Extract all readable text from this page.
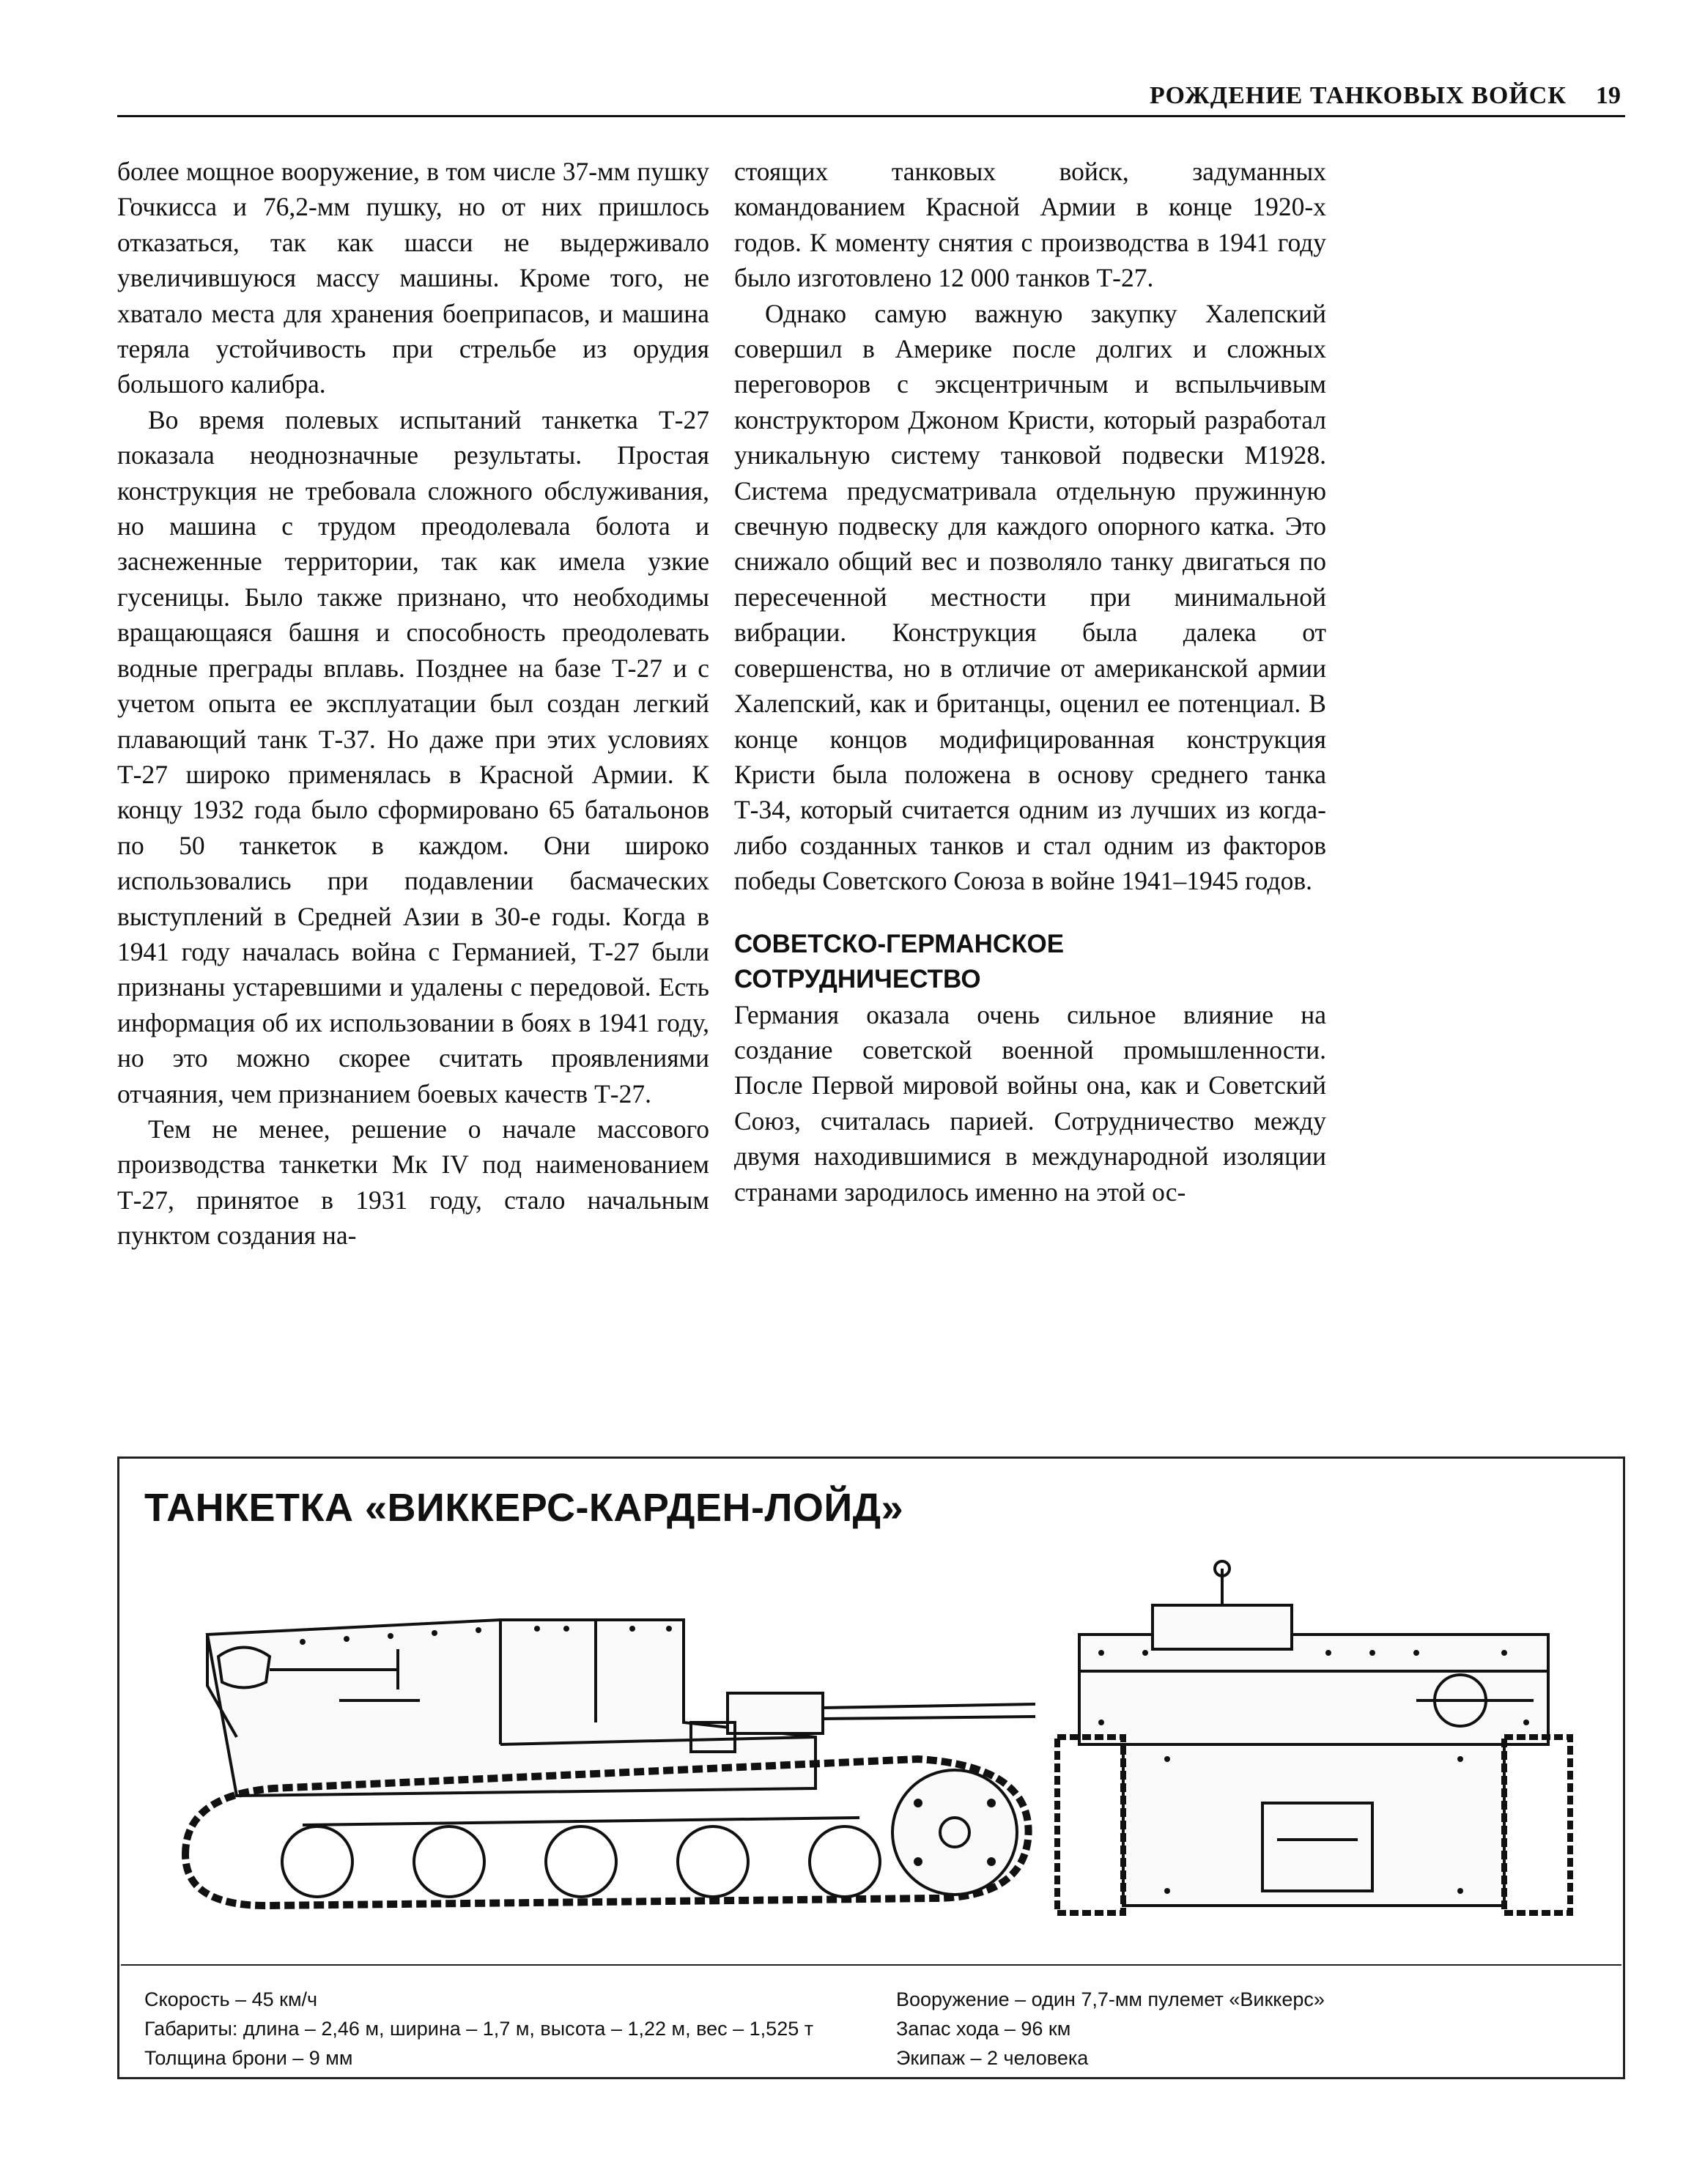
РОЖДЕНИЕ ТАНКОВЫХ ВОЙСК 19

более мощное вооружение, в том числе 37-мм пушку Гочкисса и 76,2-мм пушку, но от них пришлось отказаться, так как шасси не выдерживало увеличившуюся массу машины. Кроме того, не хватало места для хранения боеприпасов, и машина теряла устойчивость при стрельбе из орудия большого калибра.

Во время полевых испытаний танкетка Т-27 показала неоднозначные результаты. Простая конструкция не требовала сложного обслуживания, но машина с трудом преодолевала болота и заснеженные территории, так как имела узкие гусеницы. Было также признано, что необходимы вращающаяся башня и способность преодолевать водные преграды вплавь. Позднее на базе Т-27 и с учетом опыта ее эксплуатации был создан легкий плавающий танк Т-37. Но даже при этих условиях Т-27 широко применялась в Красной Армии. К концу 1932 года было сформировано 65 батальонов по 50 танкеток в каждом. Они широко использовались при подавлении басмаческих выступлений в Средней Азии в 30-е годы. Когда в 1941 году началась война с Германией, Т-27 были признаны устаревшими и удалены с передовой. Есть информация об их использовании в боях в 1941 году, но это можно скорее считать проявлениями отчаяния, чем признанием боевых качеств Т-27.

Тем не менее, решение о начале массового производства танкетки Мк IV под наименованием Т-27, принятое в 1931 году, стало начальным пунктом создания на-

стоящих танковых войск, задуманных командованием Красной Армии в конце 1920-х годов. К моменту снятия с производства в 1941 году было изготовлено 12 000 танков Т-27.

Однако самую важную закупку Халепский совершил в Америке после долгих и сложных переговоров с эксцентричным и вспыльчивым конструктором Джоном Кристи, который разработал уникальную систему танковой подвески М1928. Система предусматривала отдельную пружинную свечную подвеску для каждого опорного катка. Это снижало общий вес и позволяло танку двигаться по пересеченной местности при минимальной вибрации. Конструкция была далека от совершенства, но в отличие от американской армии Халепский, как и британцы, оценил ее потенциал. В конце концов модифицированная конструкция Кристи была положена в основу среднего танка Т-34, который считается одним из лучших из когда-либо созданных танков и стал одним из факторов победы Советского Союза в войне 1941–1945 годов.

СОВЕТСКО-ГЕРМАНСКОЕ
СОТРУДНИЧЕСТВО

Германия оказала очень сильное влияние на создание советской военной промышленности. После Первой мировой войны она, как и Советский Союз, считалась парией. Сотрудничество между двумя находившимися в международной изоляции странами зародилось именно на этой ос-

ТАНКЕТКА «ВИККЕРС-КАРДЕН-ЛОЙД»
Скорость – 45 км/ч
Габариты: длина – 2,46 м, ширина – 1,7 м, высота – 1,22 м, вес – 1,525 т
Толщина брони – 9 мм
Вооружение – один 7,7-мм пулемет «Виккерс»
Запас хода – 96 км
Экипаж – 2 человека
